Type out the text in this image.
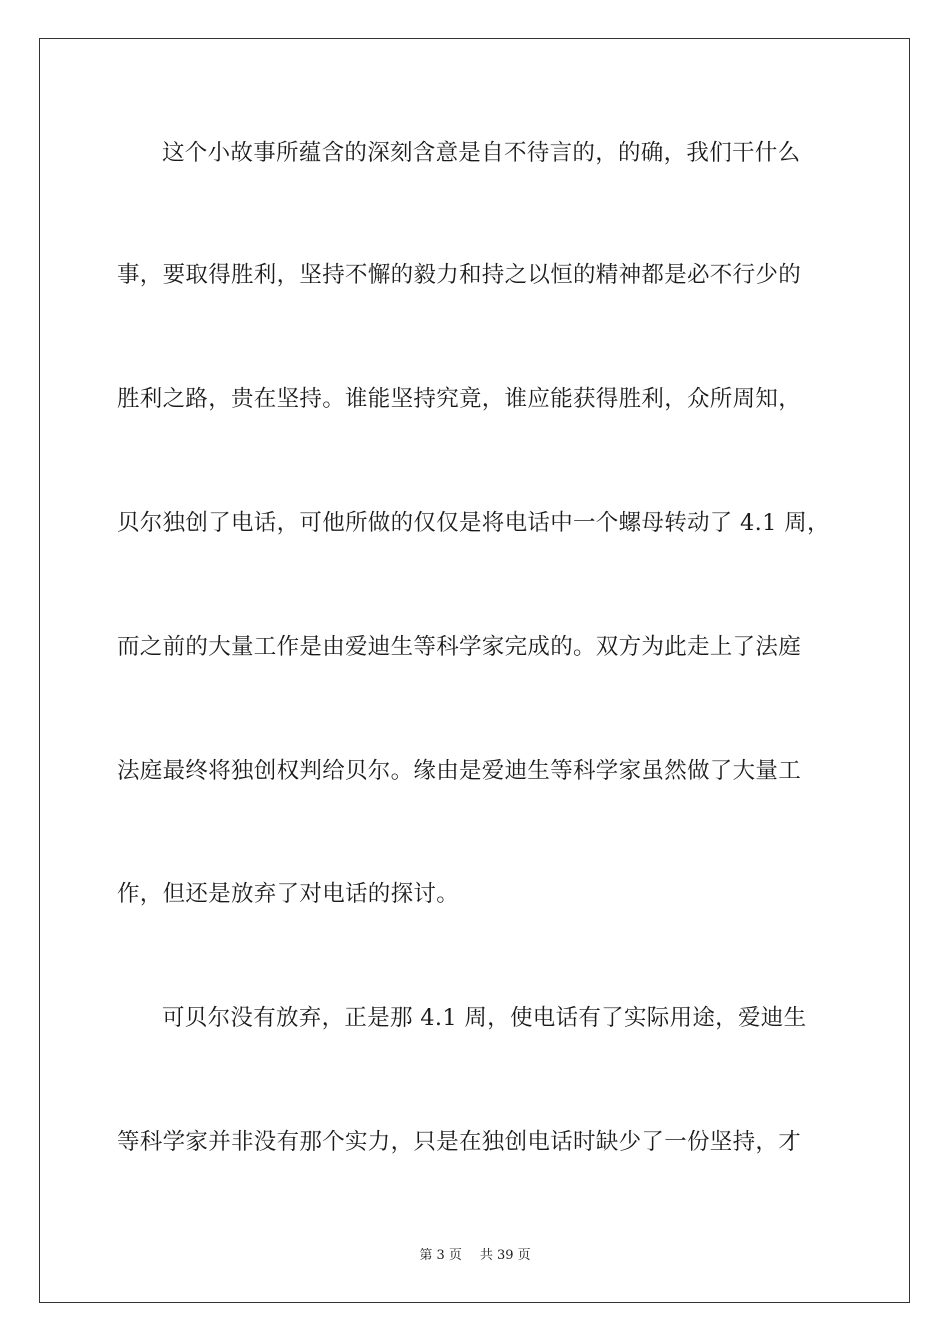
这个小故事所蕴含的深刻含意是自不待言的，的确，我们干什么
事，要取得胜利，坚持不懈的毅力和持之以恒的精神都是必不行少的
胜利之路，贵在坚持。谁能坚持究竟，谁应能获得胜利，众所周知，
贝尔独创了电话，可他所做的仅仅是将电话中一个螺母转动了 4.1 周，
而之前的大量工作是由爱迪生等科学家完成的。双方为此走上了法庭
法庭最终将独创权判给贝尔。缘由是爱迪生等科学家虽然做了大量工
作，但还是放弃了对电话的探讨。
可贝尔没有放弃，正是那 4.1 周，使电话有了实际用途，爱迪生
等科学家并非没有那个实力，只是在独创电话时缺少了一份坚持，才
第 3 页 共 39 页
